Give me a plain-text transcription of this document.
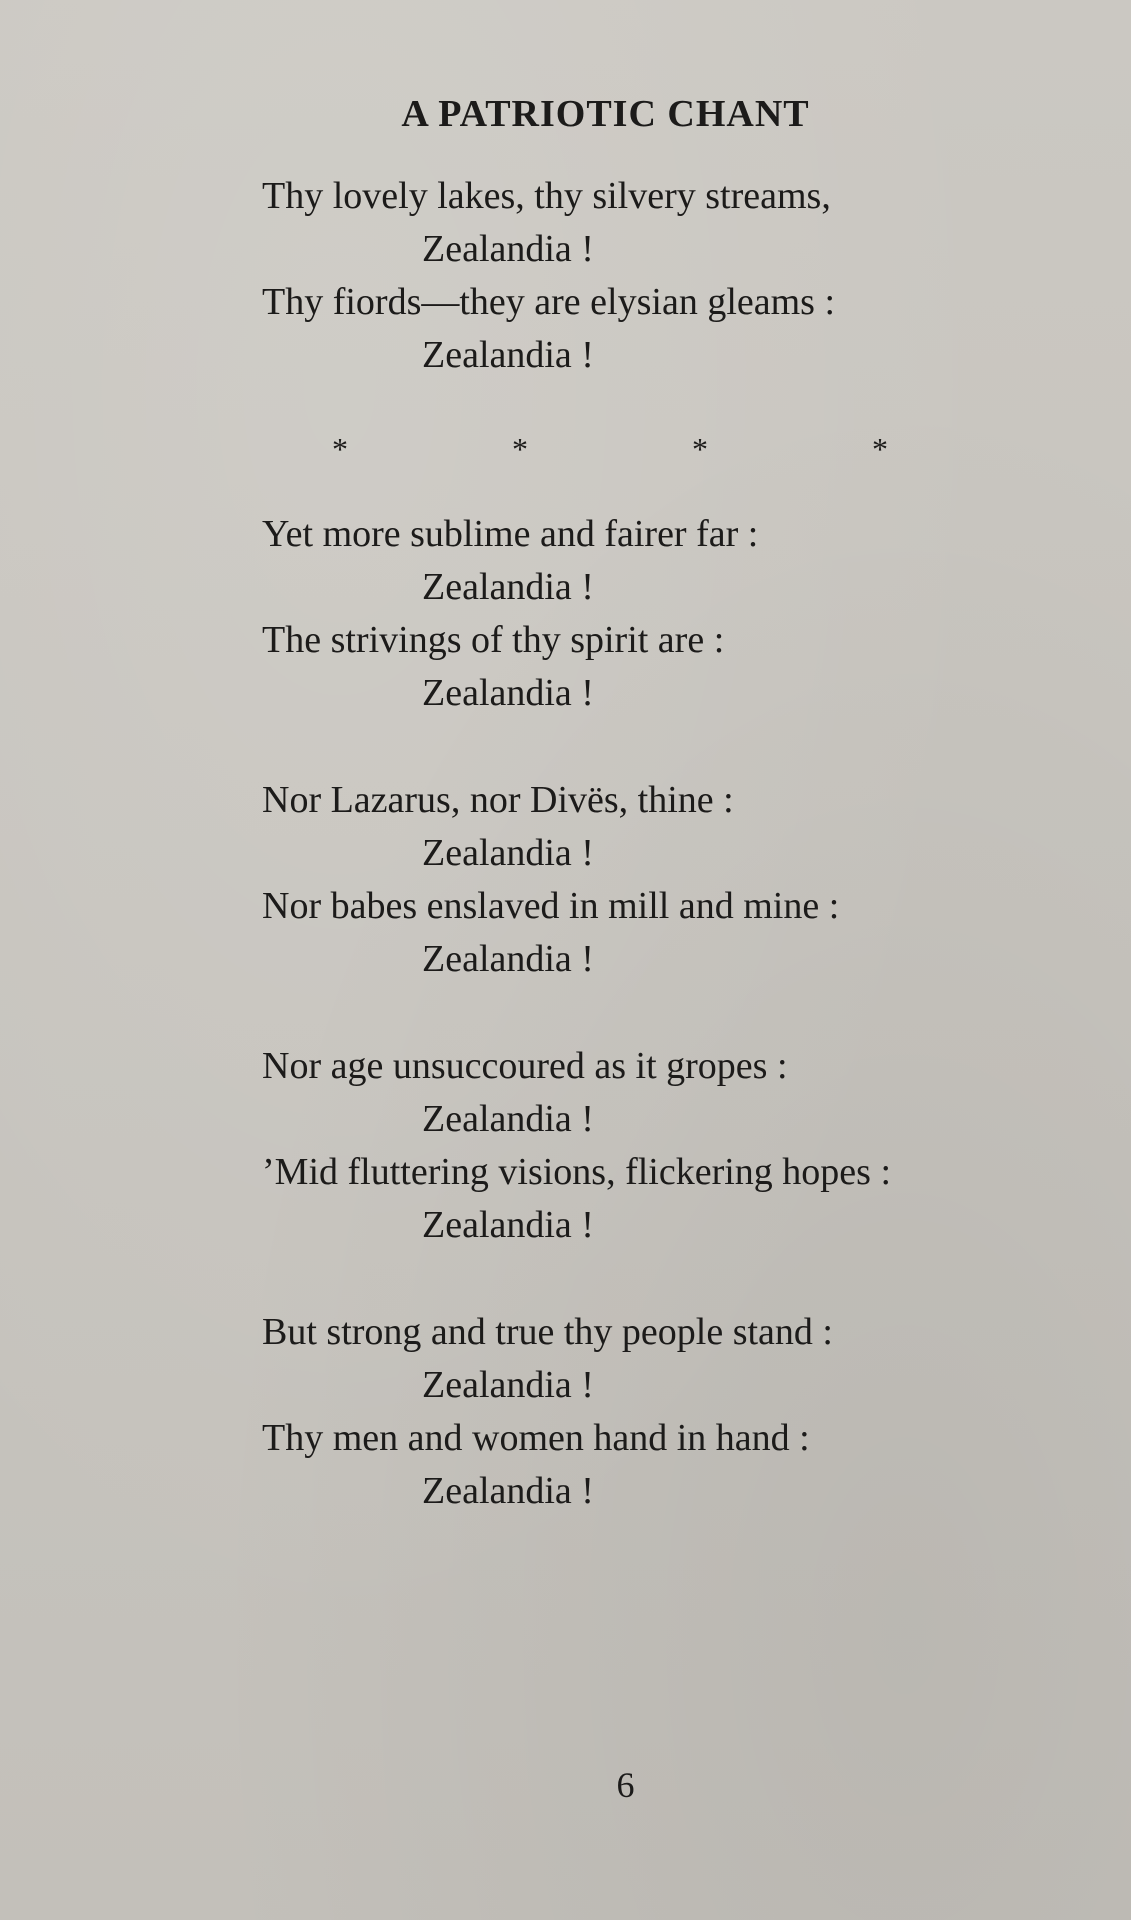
A PATRIOTIC CHANT
Thy lovely lakes, thy silvery streams,
Zealandia !
Thy fiords—they are elysian gleams :
Zealandia !
*	*	*	*
Yet more sublime and fairer far :
Zealandia !
The strivings of thy spirit are :
Zealandia !
Nor Lazarus, nor Divës, thine :
Zealandia !
Nor babes enslaved in mill and mine :
Zealandia !
Nor age unsuccoured as it gropes :
Zealandia !
’Mid fluttering visions, flickering hopes :
Zealandia !
But strong and true thy people stand :
Zealandia !
Thy men and women hand in hand :
Zealandia !
6
